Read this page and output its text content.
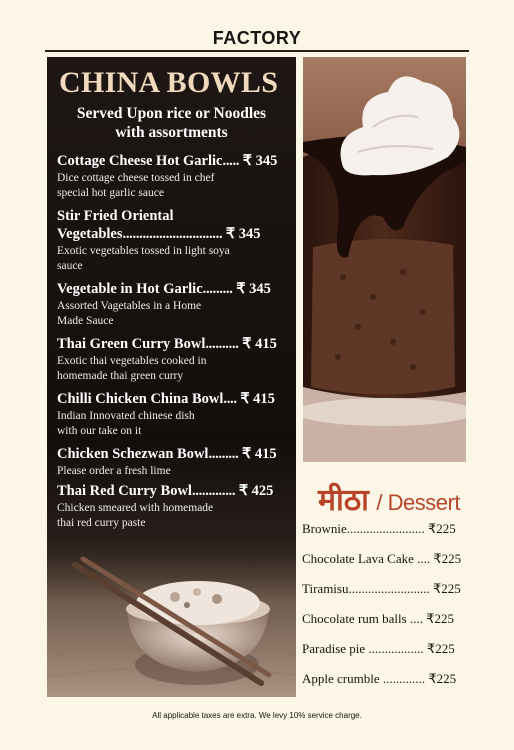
FACTORY
CHINA BOWLS
Served Upon rice or Noodles
with assortments
Cottage Cheese Hot Garlic..... ₹ 345
Dice cottage cheese tossed in chef
special hot garlic sauce
Stir Fried Oriental
Vegetables.............................. ₹ 345
Exotic vegetables tossed in light soya
sauce
Vegetable in Hot Garlic......... ₹ 345
Assorted Vagetables in a Home
Made Sauce
Thai Green Curry Bowl.......... ₹ 415
Exotic thai vegetables cooked in
homemade thai green curry
Chilli Chicken China Bowl.... ₹ 415
Indian Innovated chinese dish
with our take on it
Chicken Schezwan Bowl......... ₹ 415
Please order a fresh lime
Thai Red Curry Bowl............. ₹ 425
Chicken smeared with homemade
thai red curry paste
मीठा / Dessert
Brownie........................ ₹225
Chocolate Lava Cake .... ₹225
Tiramisu......................... ₹225
Chocolate rum balls .... ₹225
Paradise pie ................. ₹225
Apple crumble ............. ₹225
All applicable taxes are extra. We levy 10% service charge.
